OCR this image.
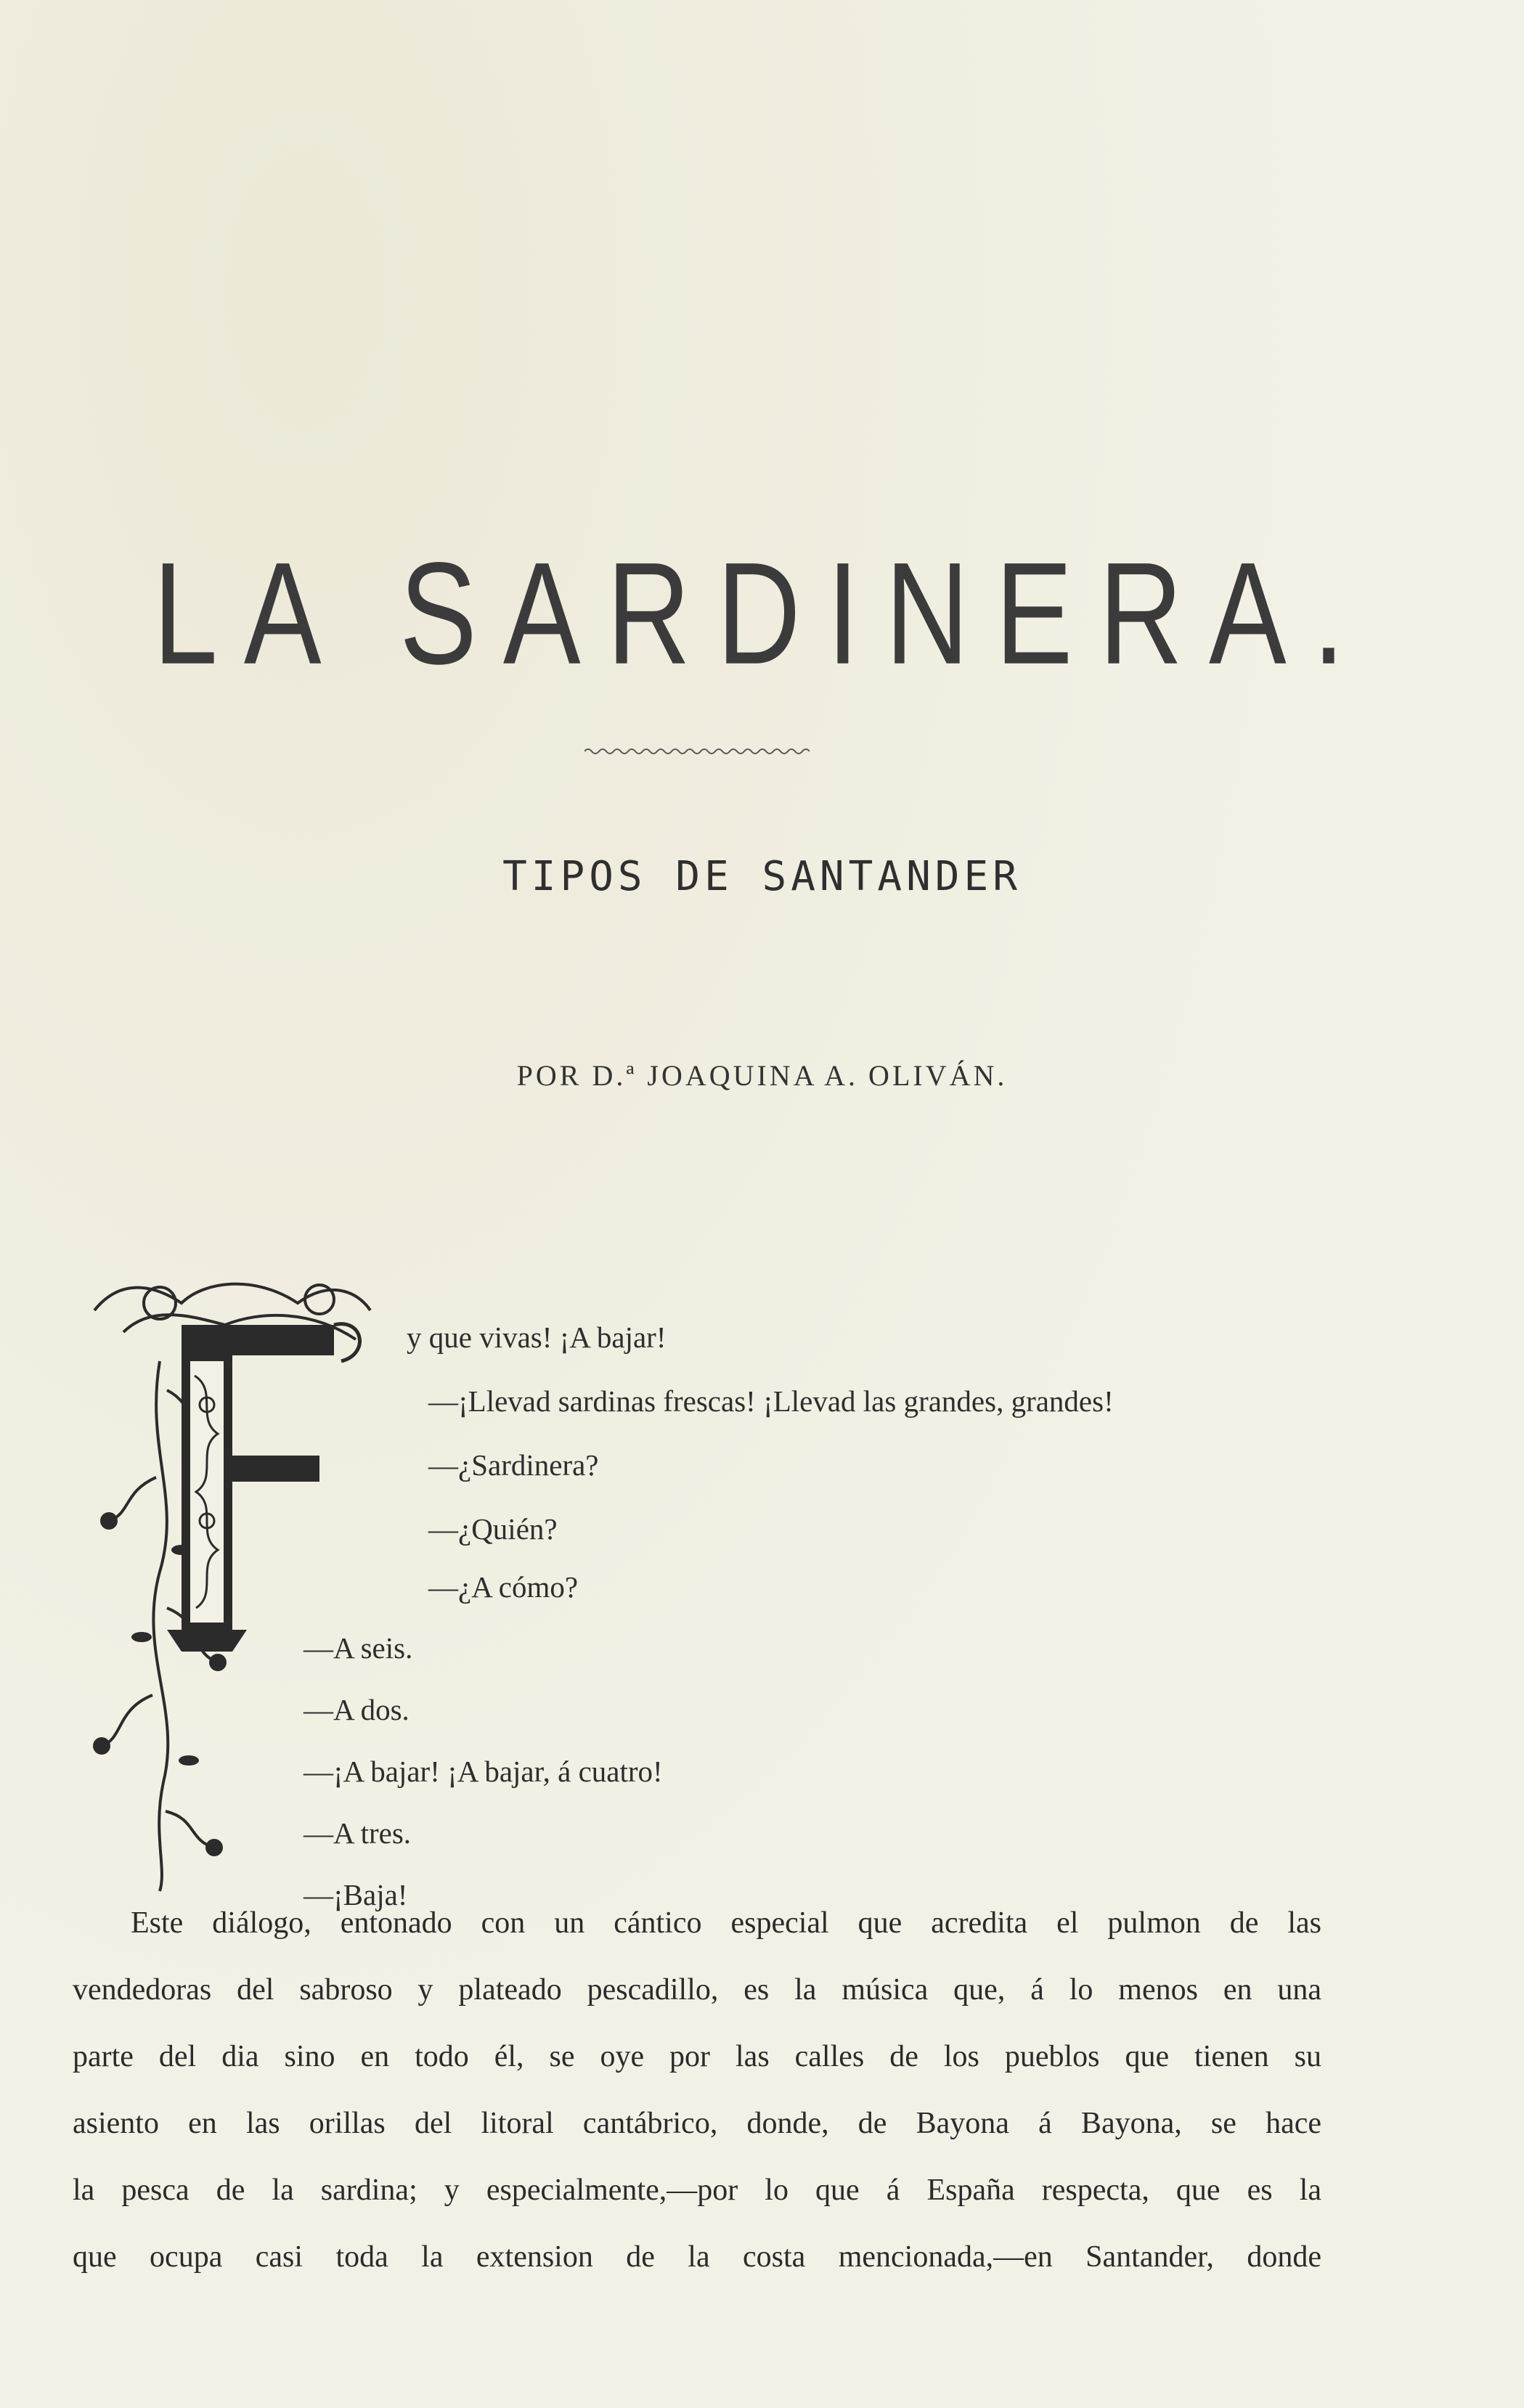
LA SARDINERA.
TIPOS DE SANTANDER
POR D.ª JOAQUINA A. OLIVÁN.
y que vivas! ¡A bajar!
—¡Llevad sardinas frescas! ¡Llevad las grandes, grandes!
—¿Sardinera?
—¿Quién?
—¿A cómo?
—A seis.
—A dos.
—¡A bajar! ¡A bajar, á cuatro!
—A tres.
—¡Baja!
Este diálogo, entonado con un cántico especial que acredita el pulmon de las
vendedoras del sabroso y plateado pescadillo, es la música que, á lo menos en una
parte del dia sino en todo él, se oye por las calles de los pueblos que tienen su
asiento en las orillas del litoral cantábrico, donde, de Bayona á Bayona, se hace
la pesca de la sardina; y especialmente,—por lo que á España respecta, que es la
que ocupa casi toda la extension de la costa mencionada,—en Santander, donde
